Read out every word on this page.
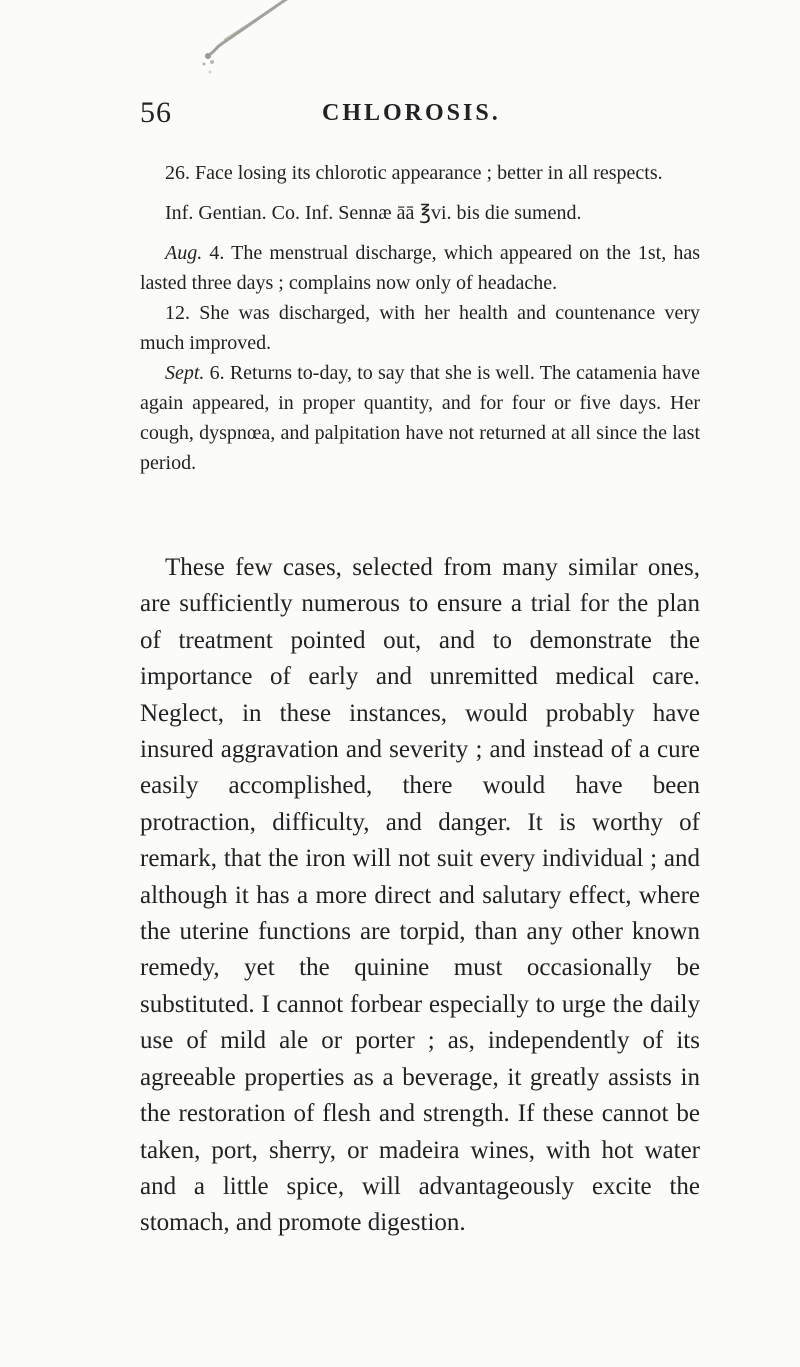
56	CHLOROSIS.

26. Face losing its chlorotic appearance ; better in all respects.

Inf. Gentian. Co. Inf. Sennæ āā ℥vi. bis die sumend.

Aug. 4. The menstrual discharge, which appeared on the 1st, has lasted three days ; complains now only of headache.

12. She was discharged, with her health and countenance very much improved.

Sept. 6. Returns to-day, to say that she is well. The catamenia have again appeared, in proper quantity, and for four or five days. Her cough, dyspnœa, and palpitation have not returned at all since the last period.

These few cases, selected from many similar ones, are sufficiently numerous to ensure a trial for the plan of treatment pointed out, and to demonstrate the importance of early and unremitted medical care. Neglect, in these instances, would probably have insured aggravation and severity ; and instead of a cure easily accomplished, there would have been protraction, difficulty, and danger. It is worthy of remark, that the iron will not suit every individual ; and although it has a more direct and salutary effect, where the uterine functions are torpid, than any other known remedy, yet the quinine must occasionally be substituted. I cannot forbear especially to urge the daily use of mild ale or porter ; as, independently of its agreeable properties as a beverage, it greatly assists in the restoration of flesh and strength. If these cannot be taken, port, sherry, or madeira wines, with hot water and a little spice, will advantageously excite the stomach, and promote digestion.
